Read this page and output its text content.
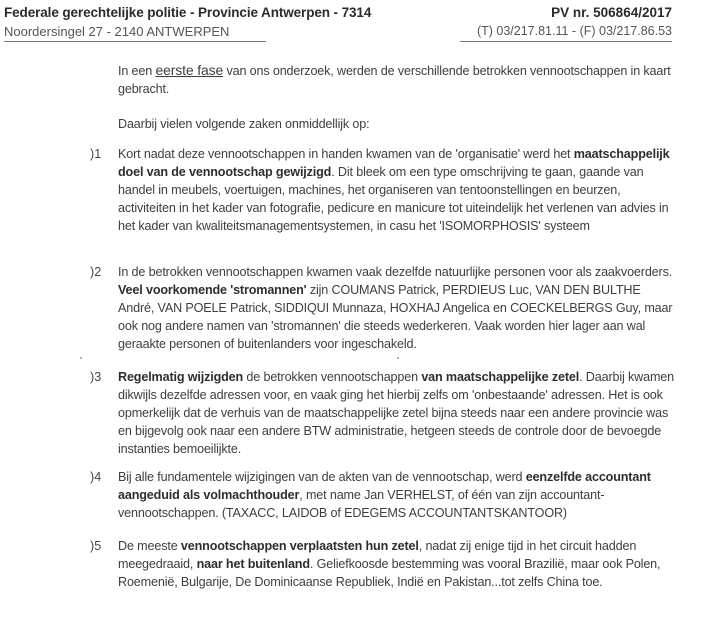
Federale gerechtelijke politie - Provincie Antwerpen - 7314
Noordersingel 27 - 2140 ANTWERPEN
PV nr. 506864/2017
(T) 03/217.81.11 - (F) 03/217.86.53
In een eerste fase van ons onderzoek, werden de verschillende betrokken vennootschappen in kaart gebracht.
Daarbij vielen volgende zaken onmiddellijk op:
)1 Kort nadat deze vennootschappen in handen kwamen van de 'organisatie' werd het maatschappelijk doel van de vennootschap gewijzigd. Dit bleek om een type omschrijving te gaan, gaande van handel in meubels, voertuigen, machines, het organiseren van tentoonstellingen en beurzen, activiteiten in het kader van fotografie, pedicure en manicure tot uiteindelijk het verlenen van advies in het kader van kwaliteitsmanagementsystemen, in casu het 'ISOMORPHOSIS' systeem
)2 In de betrokken vennootschappen kwamen vaak dezelfde natuurlijke personen voor als zaakvoerders. Veel voorkomende 'stromannen' zijn COUMANS Patrick, PERDIEUS Luc, VAN DEN BULTHE André, VAN POELE Patrick, SIDDIQUI Munnaza, HOXHAJ Angelica en COECKELBERGS Guy, maar ook nog andere namen van 'stromannen' die steeds wederkeren. Vaak worden hier lager aan wal geraakte personen of buitenlanders voor ingeschakeld.
)3 Regelmatig wijzigden de betrokken vennootschappen van maatschappelijke zetel. Daarbij kwamen dikwijls dezelfde adressen voor, en vaak ging het hierbij zelfs om 'onbestaande' adressen. Het is ook opmerkelijk dat de verhuis van de maatschappelijke zetel bijna steeds naar een andere provincie was en bijgevolg ook naar een andere BTW administratie, hetgeen steeds de controle door de bevoegde instanties bemoeilijkte.
)4 Bij alle fundamentele wijzigingen van de akten van de vennootschap, werd eenzelfde accountant aangeduid als volmachthouder, met name Jan VERHELST, of één van zijn accountant-vennootschappen. (TAXACC, LAIDOB of EDEGEMS ACCOUNTANTSKANTOOR)
)5 De meeste vennootschappen verplaatsten hun zetel, nadat zij enige tijd in het circuit hadden meegedraaid, naar het buitenland. Geliefkoosde bestemming was vooral Brazilië, maar ook Polen, Roemenië, Bulgarije, De Dominicaanse Republiek, Indië en Pakistan...tot zelfs China toe.
